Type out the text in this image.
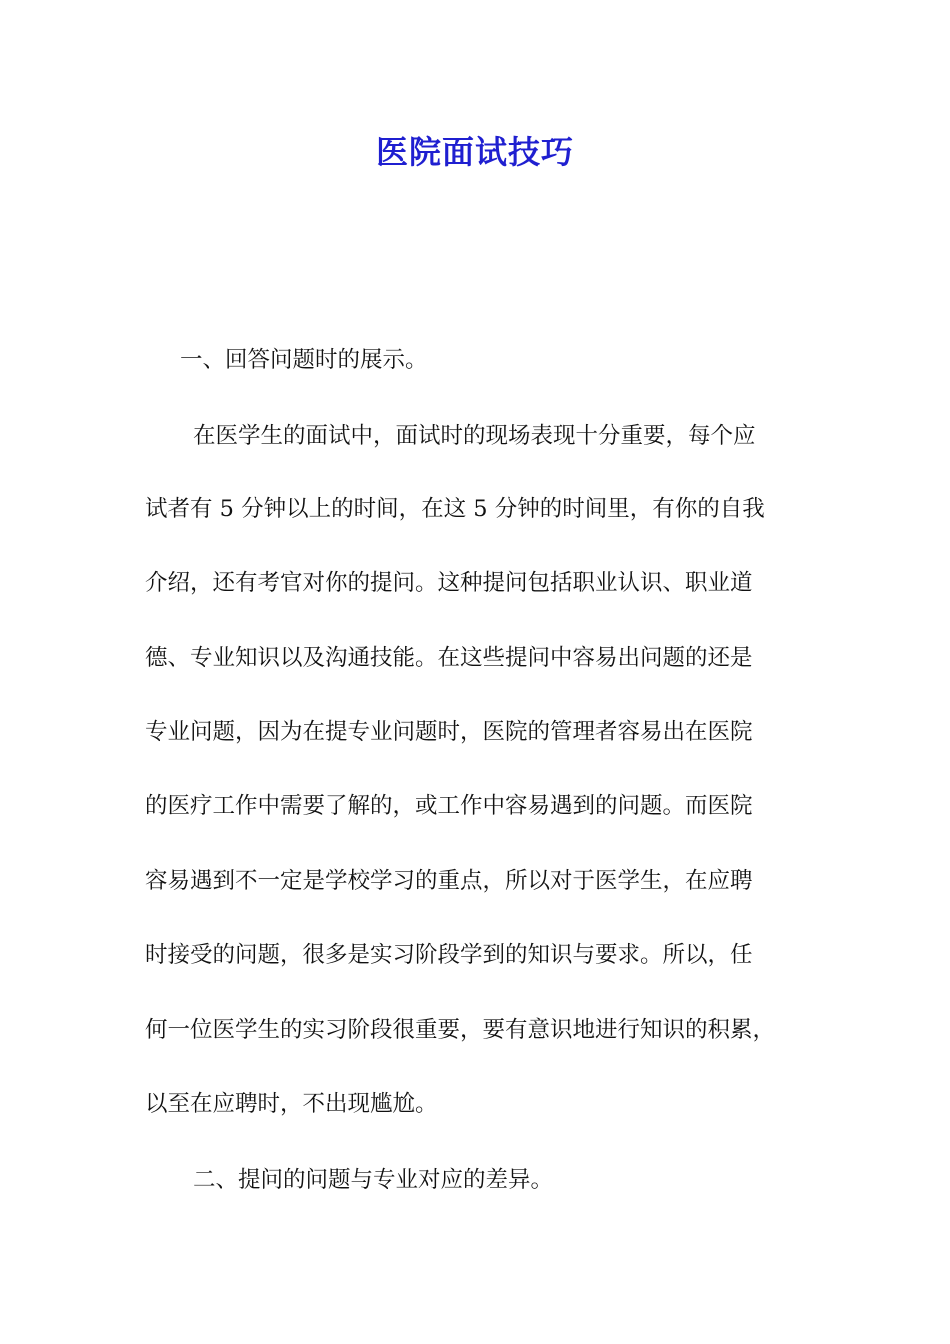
医院面试技巧

一、回答问题时的展示。

在医学生的面试中，面试时的现场表现十分重要，每个应

试者有 5 分钟以上的时间，在这 5 分钟的时间里，有你的自我

介绍，还有考官对你的提问。这种提问包括职业认识、职业道

德、专业知识以及沟通技能。在这些提问中容易出问题的还是

专业问题，因为在提专业问题时，医院的管理者容易出在医院

的医疗工作中需要了解的，或工作中容易遇到的问题。而医院

容易遇到不一定是学校学习的重点，所以对于医学生，在应聘

时接受的问题，很多是实习阶段学到的知识与要求。所以，任

何一位医学生的实习阶段很重要，要有意识地进行知识的积累，

以至在应聘时，不出现尴尬。

二、提问的问题与专业对应的差异。
